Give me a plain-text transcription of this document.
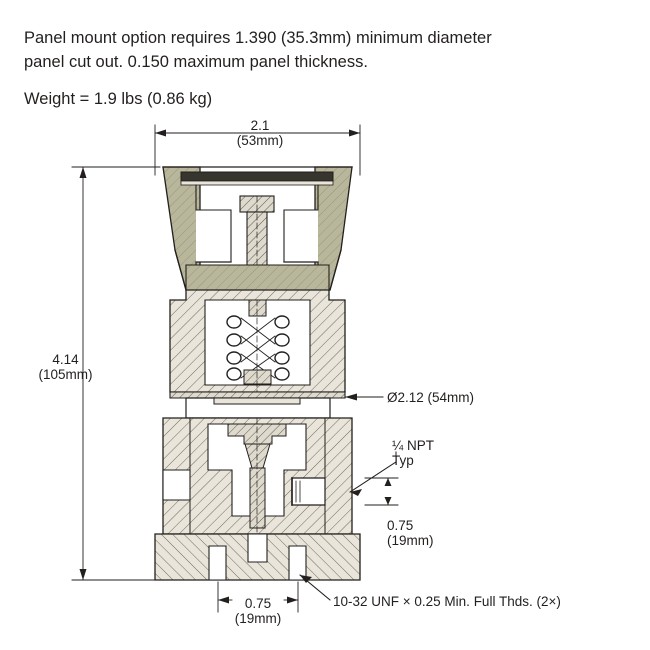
Panel mount option requires 1.390 (35.3mm) minimum diameter
panel cut out. 0.150 maximum panel thickness.
Weight = 1.9 lbs (0.86 kg)
2.1
(53mm)
4.14
(105mm)
Ø2.12 (54mm)
¼ NPT
Typ
0.75
(19mm)
0.75
(19mm)
10-32 UNF × 0.25 Min. Full Thds. (2×)
